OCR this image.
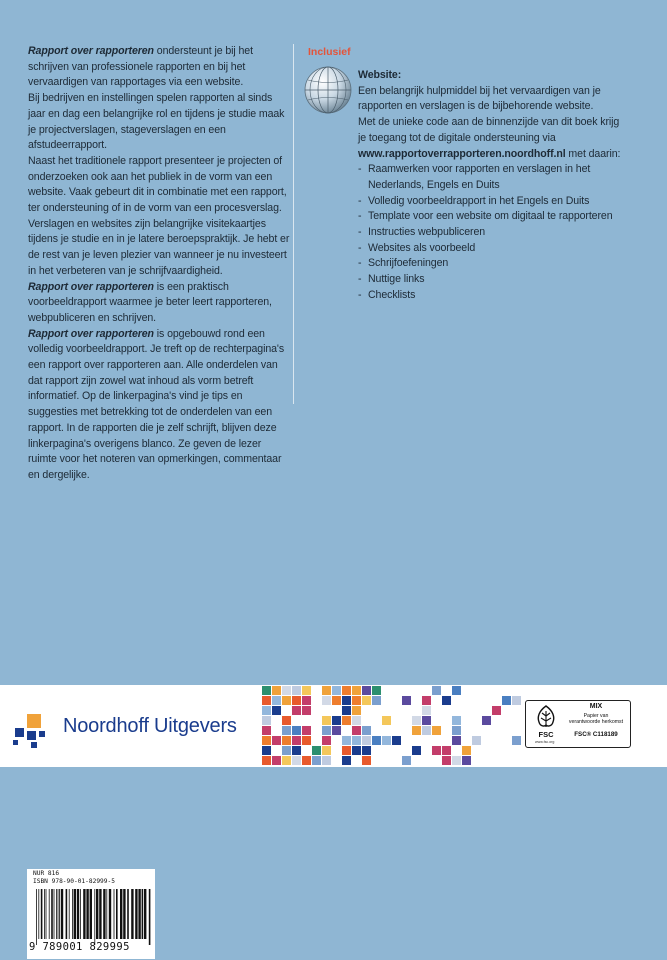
Rapport over rapporteren ondersteunt je bij het schrijven van professionele rapporten en bij het vervaardigen van rapportages via een website.

Bij bedrijven en instellingen spelen rapporten al sinds jaar en dag een belangrijke rol en tijdens je studie maak je projectverslagen, stageverslagen en een afstudeerrapport.

Naast het traditionele rapport presenteer je projecten of onderzoeken ook aan het publiek in de vorm van een website. Vaak gebeurt dit in combinatie met een rapport, ter ondersteuning of in de vorm van een procesverslag.

Verslagen en websites zijn belangrijke visitekaartjes tijdens je studie en in je latere beroepspraktijk. Je hebt er de rest van je leven plezier van wanneer je nu investeert in het verbeteren van je schrijfvaardigheid.

Rapport over rapporteren is een praktisch voorbeeldrapport waarmee je beter leert rapporteren, webpubliceren en schrijven.

Rapport over rapporteren is opgebouwd rond een volledig voorbeeldrapport. Je treft op de rechterpagina's een rapport over rapporteren aan. Alle onderdelen van dat rapport zijn zowel wat inhoud als vorm betreft informatief. Op de linkerpagina's vind je tips en suggesties met betrekking tot de onderdelen van een rapport. In de rapporten die je zelf schrijft, blijven deze linkerpagina's overigens blanco. Ze geven de lezer ruimte voor het noteren van opmerkingen, commentaar en dergelijke.

Inclusief

Website:

Een belangrijk hulpmiddel bij het vervaardigen van je rapporten en verslagen is de bijbehorende website.

Met de unieke code aan de binnenzijde van dit boek krijg je toegang tot de digitale ondersteuning via www.rapportoverrapporteren.noordhoff.nl met daarin:

- Raamwerken voor rapporten en verslagen in het Nederlands, Engels en Duits
- Volledig voorbeeldrapport in het Engels en Duits
- Template voor een website om digitaal te rapporteren
- Instructies webpubliceren
- Websites als voorbeeld
- Schrijfoefeningen
- Nuttige links
- Checklists
Noordhoff Uitgevers	FSC
www.fsc.org
MIX
Papier van
verantwoorde herkomst
FSC® C118189
NUR 816
ISBN 978-90-01-82999-5
9 789001 829995
